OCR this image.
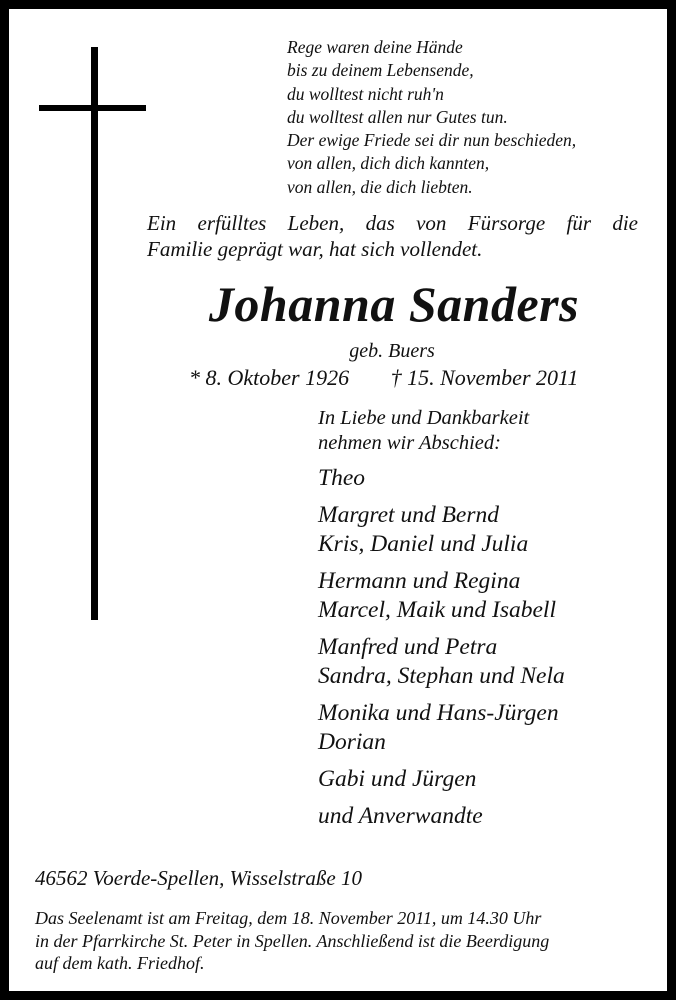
Rege waren deine Hände
bis zu deinem Lebensende,
du wolltest nicht ruh'n
du wolltest allen nur Gutes tun.
Der ewige Friede sei dir nun beschieden,
von allen, dich dich kannten,
von allen, die dich liebten.
Ein erfülltes Leben, das von Fürsorge für die
Familie geprägt war, hat sich vollendet.
Johanna Sanders
geb. Buers
* 8. Oktober 1926 † 15. November 2011
In Liebe und Dankbarkeit
nehmen wir Abschied:
Theo
Margret und Bernd
Kris, Daniel und Julia
Hermann und Regina
Marcel, Maik und Isabell
Manfred und Petra
Sandra, Stephan und Nela
Monika und Hans-Jürgen
Dorian
Gabi und Jürgen
und Anverwandte
46562 Voerde-Spellen, Wisselstraße 10
Das Seelenamt ist am Freitag, dem 18. November 2011, um 14.30 Uhr
in der Pfarrkirche St. Peter in Spellen. Anschließend ist die Beerdigung
auf dem kath. Friedhof.
